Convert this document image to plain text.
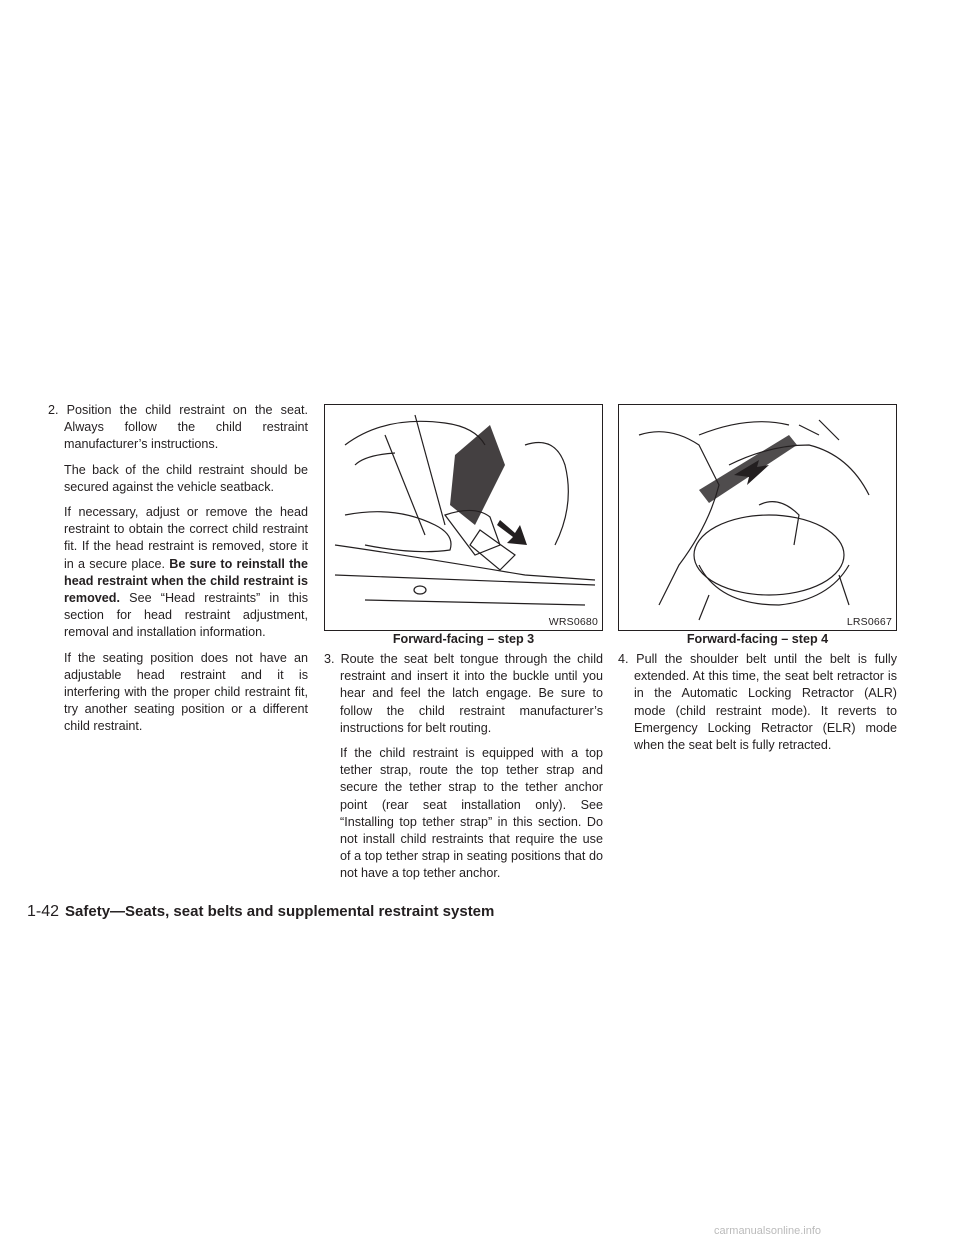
2. Position the child restraint on the seat. Always follow the child restraint manufacturer’s instructions.

The back of the child restraint should be secured against the vehicle seatback.

If necessary, adjust or remove the head restraint to obtain the correct child restraint fit. If the head restraint is removed, store it in a secure place. Be sure to reinstall the head restraint when the child restraint is removed. See “Head restraints” in this section for head restraint adjustment, removal and installation information.

If the seating position does not have an adjustable head restraint and it is interfering with the proper child restraint fit, try another seating position or a different child restraint.

WRS0680
Forward-facing – step 3
LRS0667
Forward-facing – step 4

3. Route the seat belt tongue through the child restraint and insert it into the buckle until you hear and feel the latch engage. Be sure to follow the child restraint manufacturer’s instructions for belt routing.

If the child restraint is equipped with a top tether strap, route the top tether strap and secure the tether strap to the tether anchor point (rear seat installation only). See “Installing top tether strap” in this section. Do not install child restraints that require the use of a top tether strap in seating positions that do not have a top tether anchor.

4. Pull the shoulder belt until the belt is fully extended. At this time, the seat belt retractor is in the Automatic Locking Retractor (ALR) mode (child restraint mode). It reverts to Emergency Locking Retractor (ELR) mode when the seat belt is fully retracted.

1-42 Safety—Seats, seat belts and supplemental restraint system
carmanualsonline.info
